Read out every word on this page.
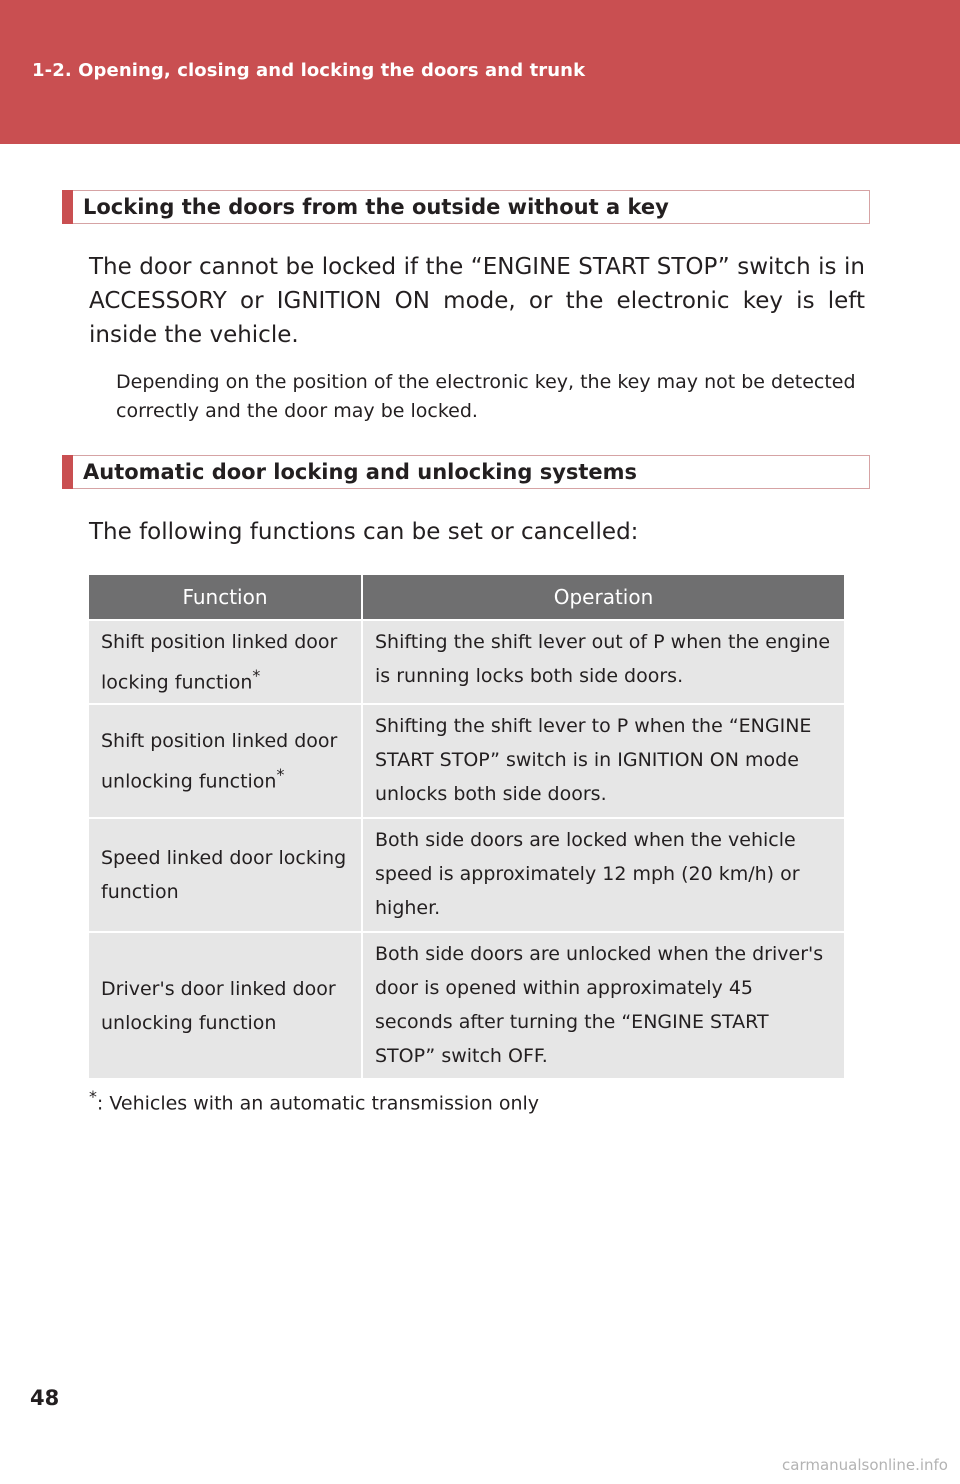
1-2. Opening, closing and locking the doors and trunk
Locking the doors from the outside without a key
The door cannot be locked if the “ENGINE START STOP” switch is in ACCESSORY or IGNITION ON mode, or the electronic key is left inside the vehicle.
Depending on the position of the electronic key, the key may not be detected correctly and the door may be locked.
Automatic door locking and unlocking systems
The following functions can be set or cancelled:
Function	Operation
Shift position linked door locking function*	Shifting the shift lever out of P when the engine is running locks both side doors.
Shift position linked door unlocking function*	Shifting the shift lever to P when the “ENGINE START STOP” switch is in IGNITION ON mode unlocks both side doors.
Speed linked door locking function	Both side doors are locked when the vehicle speed is approximately 12 mph (20 km/h) or higher.
Driver's door linked door unlocking function	Both side doors are unlocked when the driver's door is opened within approximately 45 seconds after turning the “ENGINE START STOP” switch OFF.
*: Vehicles with an automatic transmission only
48
carmanualsonline.info
